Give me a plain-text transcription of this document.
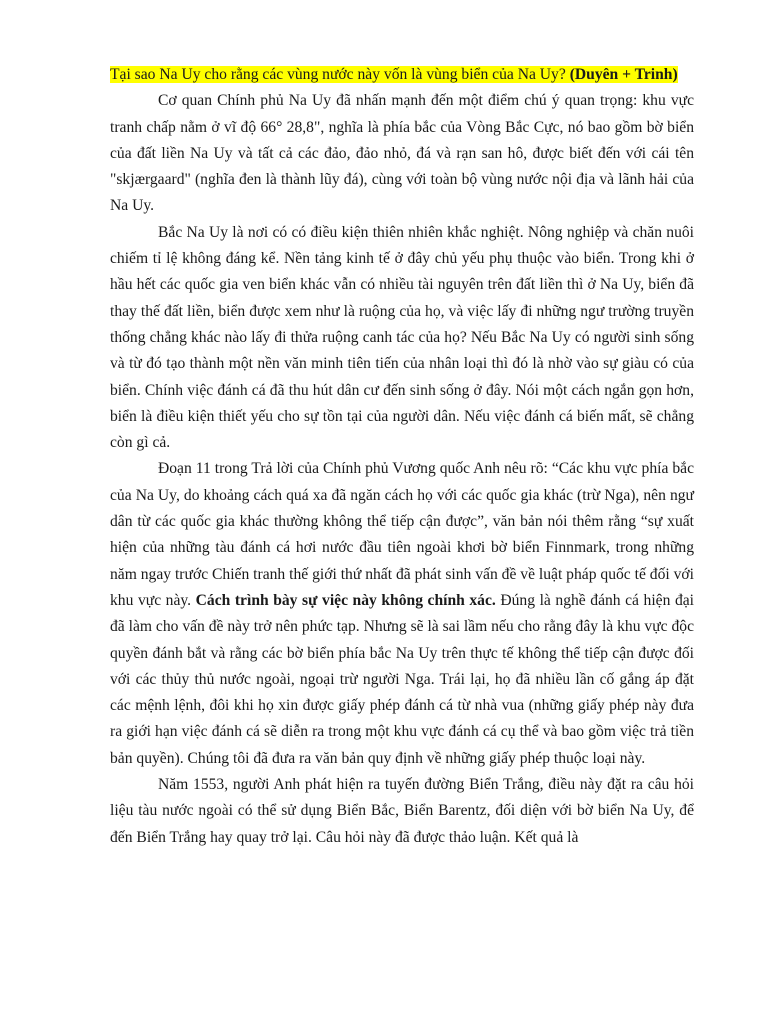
Tại sao Na Uy cho rằng các vùng nước này vốn là vùng biển của Na Uy? (Duyên + Trinh)

Cơ quan Chính phủ Na Uy đã nhấn mạnh đến một điểm chú ý quan trọng: khu vực tranh chấp nằm ở vĩ độ 66° 28,8", nghĩa là phía bắc của Vòng Bắc Cực, nó bao gồm bờ biển của đất liền Na Uy và tất cả các đảo, đảo nhỏ, đá và rạn san hô, được biết đến với cái tên "skjærgaard" (nghĩa đen là thành lũy đá), cùng với toàn bộ vùng nước nội địa và lãnh hải của Na Uy.

Bắc Na Uy là nơi có có điều kiện thiên nhiên khắc nghiệt. Nông nghiệp và chăn nuôi chiếm tỉ lệ không đáng kể. Nền tảng kinh tế ở đây chủ yếu phụ thuộc vào biển. Trong khi ở hầu hết các quốc gia ven biển khác vẫn có nhiều tài nguyên trên đất liền thì ở Na Uy, biển đã thay thế đất liền, biển được xem như là ruộng của họ, và việc lấy đi những ngư trường truyền thống chẳng khác nào lấy đi thửa ruộng canh tác của họ? Nếu Bắc Na Uy có người sinh sống và từ đó tạo thành một nền văn minh tiên tiến của nhân loại thì đó là nhờ vào sự giàu có của biển. Chính việc đánh cá đã thu hút dân cư đến sinh sống ở đây. Nói một cách ngắn gọn hơn, biển là điều kiện thiết yếu cho sự tồn tại của người dân. Nếu việc đánh cá biến mất, sẽ chẳng còn gì cả.

Đoạn 11 trong Trả lời của Chính phủ Vương quốc Anh nêu rõ: “Các khu vực phía bắc của Na Uy, do khoảng cách quá xa đã ngăn cách họ với các quốc gia khác (trừ Nga), nên ngư dân từ các quốc gia khác thường không thể tiếp cận được”, văn bản nói thêm rằng “sự xuất hiện của những tàu đánh cá hơi nước đầu tiên ngoài khơi bờ biển Finnmark, trong những năm ngay trước Chiến tranh thế giới thứ nhất đã phát sinh vấn đề về luật pháp quốc tế đối với khu vực này. Cách trình bày sự việc này không chính xác. Đúng là nghề đánh cá hiện đại đã làm cho vấn đề này trở nên phức tạp. Nhưng sẽ là sai lầm nếu cho rằng đây là khu vực độc quyền đánh bắt và rằng các bờ biển phía bắc Na Uy trên thực tế không thể tiếp cận được đối với các thủy thủ nước ngoài, ngoại trừ người Nga. Trái lại, họ đã nhiều lần cố gắng áp đặt các mệnh lệnh, đôi khi họ xin được giấy phép đánh cá từ nhà vua (những giấy phép này đưa ra giới hạn việc đánh cá sẽ diễn ra trong một khu vực đánh cá cụ thể và bao gồm việc trả tiền bản quyền). Chúng tôi đã đưa ra văn bản quy định về những giấy phép thuộc loại này.

Năm 1553, người Anh phát hiện ra tuyến đường Biển Trắng, điều này đặt ra câu hỏi liệu tàu nước ngoài có thể sử dụng Biển Bắc, Biển Barentz, đối diện với bờ biển Na Uy, để đến Biển Trắng hay quay trở lại. Câu hỏi này đã được thảo luận. Kết quả là
